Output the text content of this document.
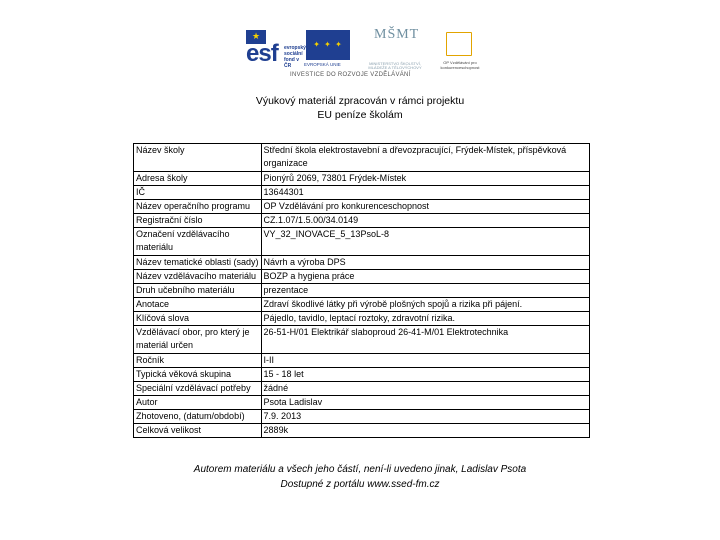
★
esf evropský sociální fond v ČR
✦ ✦ ✦
EVROPSKÁ UNIE
MŠMT
MINISTERSTVO ŠKOLSTVÍ, MLÁDEŽE A TĚLOVÝCHOVY
OP Vzdělávání pro konkurenceschopnost
INVESTICE DO ROZVOJE VZDĚLÁVÁNÍ
Výukový materiál zpracován v rámci projektu
EU peníze školám
Název školy	Střední škola elektrostavební a dřevozpracující, Frýdek-Místek, příspěvková organizace
Adresa školy	Pionýrů 2069, 73801 Frýdek-Místek
IČ	13644301
Název operačního programu	OP Vzdělávání pro konkurenceschopnost
Registrační číslo	CZ.1.07/1.5.00/34.0149
Označení vzdělávacího materiálu	VY_32_INOVACE_5_13PsoL-8
Název tematické oblasti (sady)	Návrh a výroba DPS
Název vzdělávacího materiálu	BOZP a hygiena práce
Druh učebního materiálu	prezentace
Anotace	Zdraví škodlivé látky při výrobě plošných spojů a rizika při pájení.
Klíčová slova	Pájedlo, tavidlo, leptací roztoky, zdravotní rizika.
Vzdělávací obor, pro který je materiál určen	26-51-H/01 Elektrikář slaboproud 26-41-M/01 Elektrotechnika
Ročník	I-II
Typická věková skupina	15 - 18 let
Speciální vzdělávací potřeby	žádné
Autor	Psota Ladislav
Zhotoveno, (datum/období)	7.9. 2013
Celková velikost	2889k
Autorem materiálu a všech jeho částí, není-li uvedeno jinak, Ladislav Psota
Dostupné z portálu www.ssed-fm.cz
